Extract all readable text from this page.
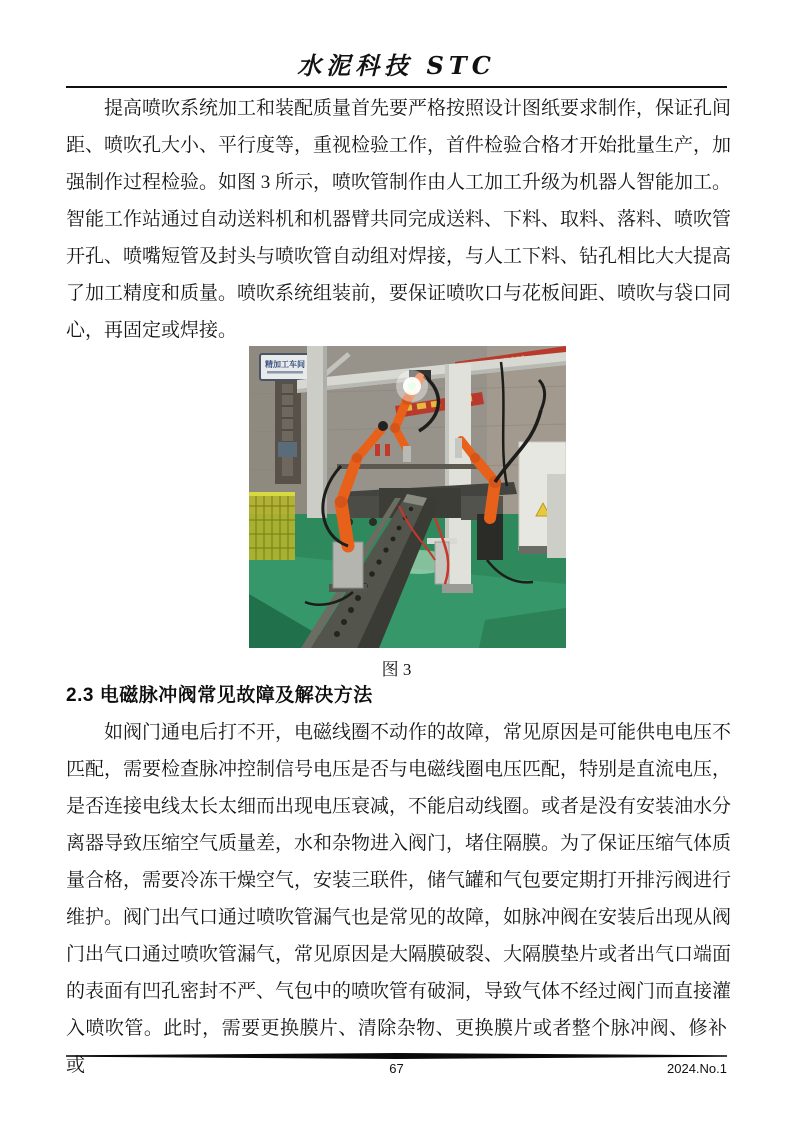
水泥科技 STC
提高喷吹系统加工和装配质量首先要严格按照设计图纸要求制作，保证孔间
距、喷吹孔大小、平行度等，重视检验工作，首件检验合格才开始批量生产，加
强制作过程检验。如图 3 所示，喷吹管制作由人工加工升级为机器人智能加工。
智能工作站通过自动送料机和机器臂共同完成送料、下料、取料、落料、喷吹管
开孔、喷嘴短管及封头与喷吹管自动组对焊接，与人工下料、钻孔相比大大提高
了加工精度和质量。喷吹系统组装前，要保证喷吹口与花板间距、喷吹与袋口同
心，再固定或焊接。
精加工车间
图 3
2.3 电磁脉冲阀常见故障及解决方法
如阀门通电后打不开，电磁线圈不动作的故障，常见原因是可能供电电压不
匹配，需要检查脉冲控制信号电压是否与电磁线圈电压匹配，特别是直流电压，
是否连接电线太长太细而出现电压衰减，不能启动线圈。或者是没有安装油水分
离器导致压缩空气质量差，水和杂物进入阀门，堵住隔膜。为了保证压缩气体质
量合格，需要冷冻干燥空气，安装三联件，储气罐和气包要定期打开排污阀进行
维护。阀门出气口通过喷吹管漏气也是常见的故障，如脉冲阀在安装后出现从阀
门出气口通过喷吹管漏气，常见原因是大隔膜破裂、大隔膜垫片或者出气口端面
的表面有凹孔密封不严、气包中的喷吹管有破洞，导致气体不经过阀门而直接灌
入喷吹管。此时，需要更换膜片、清除杂物、更换膜片或者整个脉冲阀、修补或	67	2024.No.1
